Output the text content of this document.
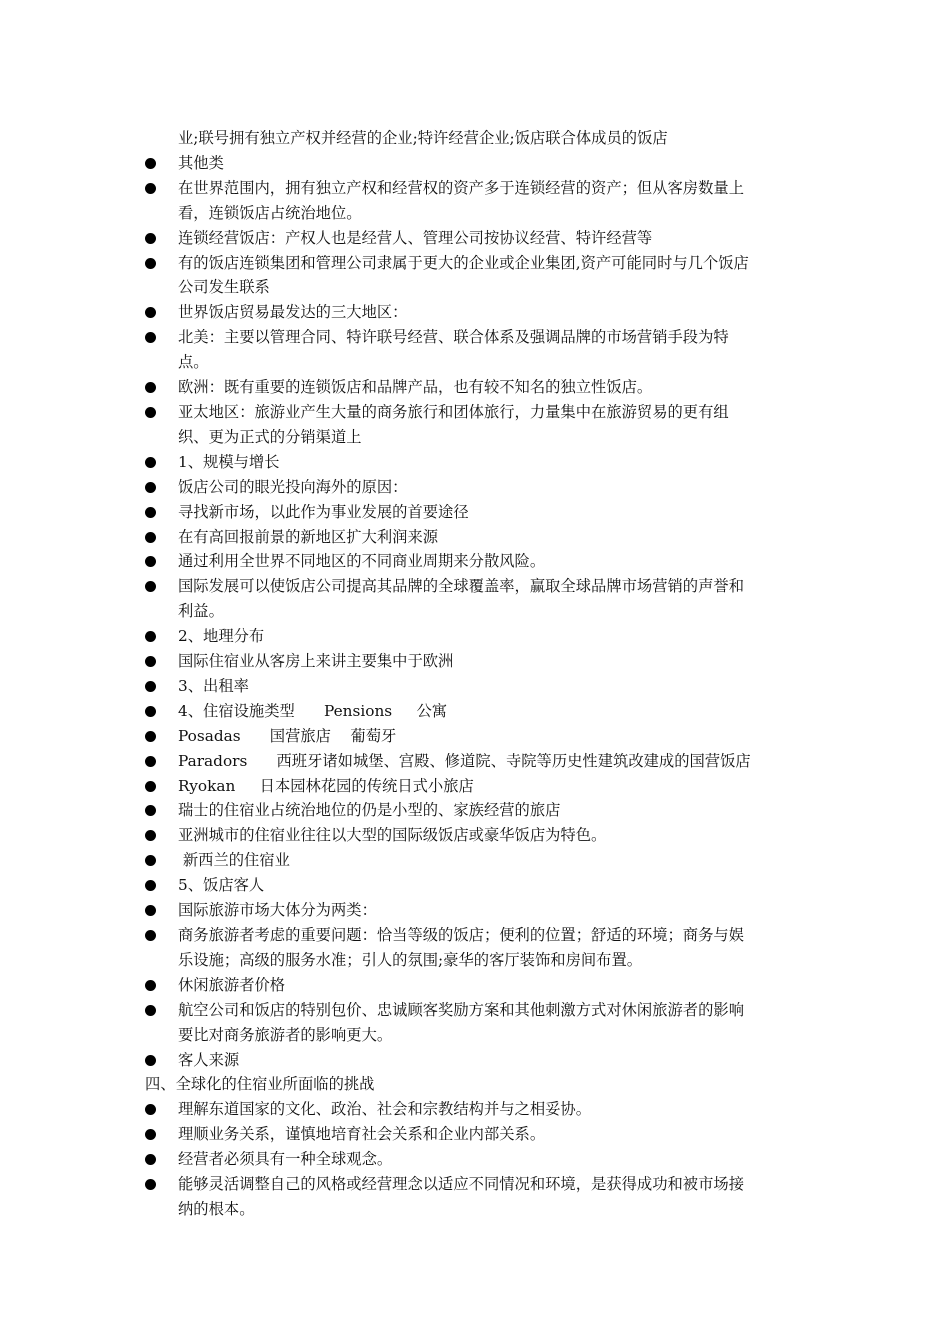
业;联号拥有独立产权并经营的企业;特许经营企业;饭店联合体成员的饭店
其他类
在世界范围内，拥有独立产权和经营权的资产多于连锁经营的资产；但从客房数量上
看，连锁饭店占统治地位。
连锁经营饭店：产权人也是经营人、管理公司按协议经营、特许经营等
有的饭店连锁集团和管理公司隶属于更大的企业或企业集团,资产可能同时与几个饭店
公司发生联系
世界饭店贸易最发达的三大地区：
北美：主要以管理合同、特许联号经营、联合体系及强调品牌的市场营销手段为特
点。
欧洲：既有重要的连锁饭店和品牌产品，也有较不知名的独立性饭店。
亚太地区：旅游业产生大量的商务旅行和团体旅行，力量集中在旅游贸易的更有组
织、更为正式的分销渠道上
1、规模与增长
饭店公司的眼光投向海外的原因：
寻找新市场，以此作为事业发展的首要途径
在有高回报前景的新地区扩大利润来源
通过利用全世界不同地区的不同商业周期来分散风险。
国际发展可以使饭店公司提高其品牌的全球覆盖率，赢取全球品牌市场营销的声誉和
利益。
2、地理分布
国际住宿业从客房上来讲主要集中于欧洲
3、出租率
4、住宿设施类型      Pensions     公寓
Posadas      国营旅店    葡萄牙
Paradors      西班牙诸如城堡、宫殿、修道院、寺院等历史性建筑改建成的国营饭店
Ryokan     日本园林花园的传统日式小旅店
瑞士的住宿业占统治地位的仍是小型的、家族经营的旅店
亚洲城市的住宿业往往以大型的国际级饭店或豪华饭店为特色。
新西兰的住宿业
5、饭店客人
国际旅游市场大体分为两类：
商务旅游者考虑的重要问题：恰当等级的饭店；便利的位置；舒适的环境；商务与娱
乐设施；高级的服务水准；引人的氛围;豪华的客厅装饰和房间布置。
休闲旅游者价格
航空公司和饭店的特别包价、忠诚顾客奖励方案和其他刺激方式对休闲旅游者的影响
要比对商务旅游者的影响更大。
客人来源
四、全球化的住宿业所面临的挑战
理解东道国家的文化、政治、社会和宗教结构并与之相妥协。
理顺业务关系，谨慎地培育社会关系和企业内部关系。
经营者必须具有一种全球观念。
能够灵活调整自己的风格或经营理念以适应不同情况和环境，是获得成功和被市场接
纳的根本。
